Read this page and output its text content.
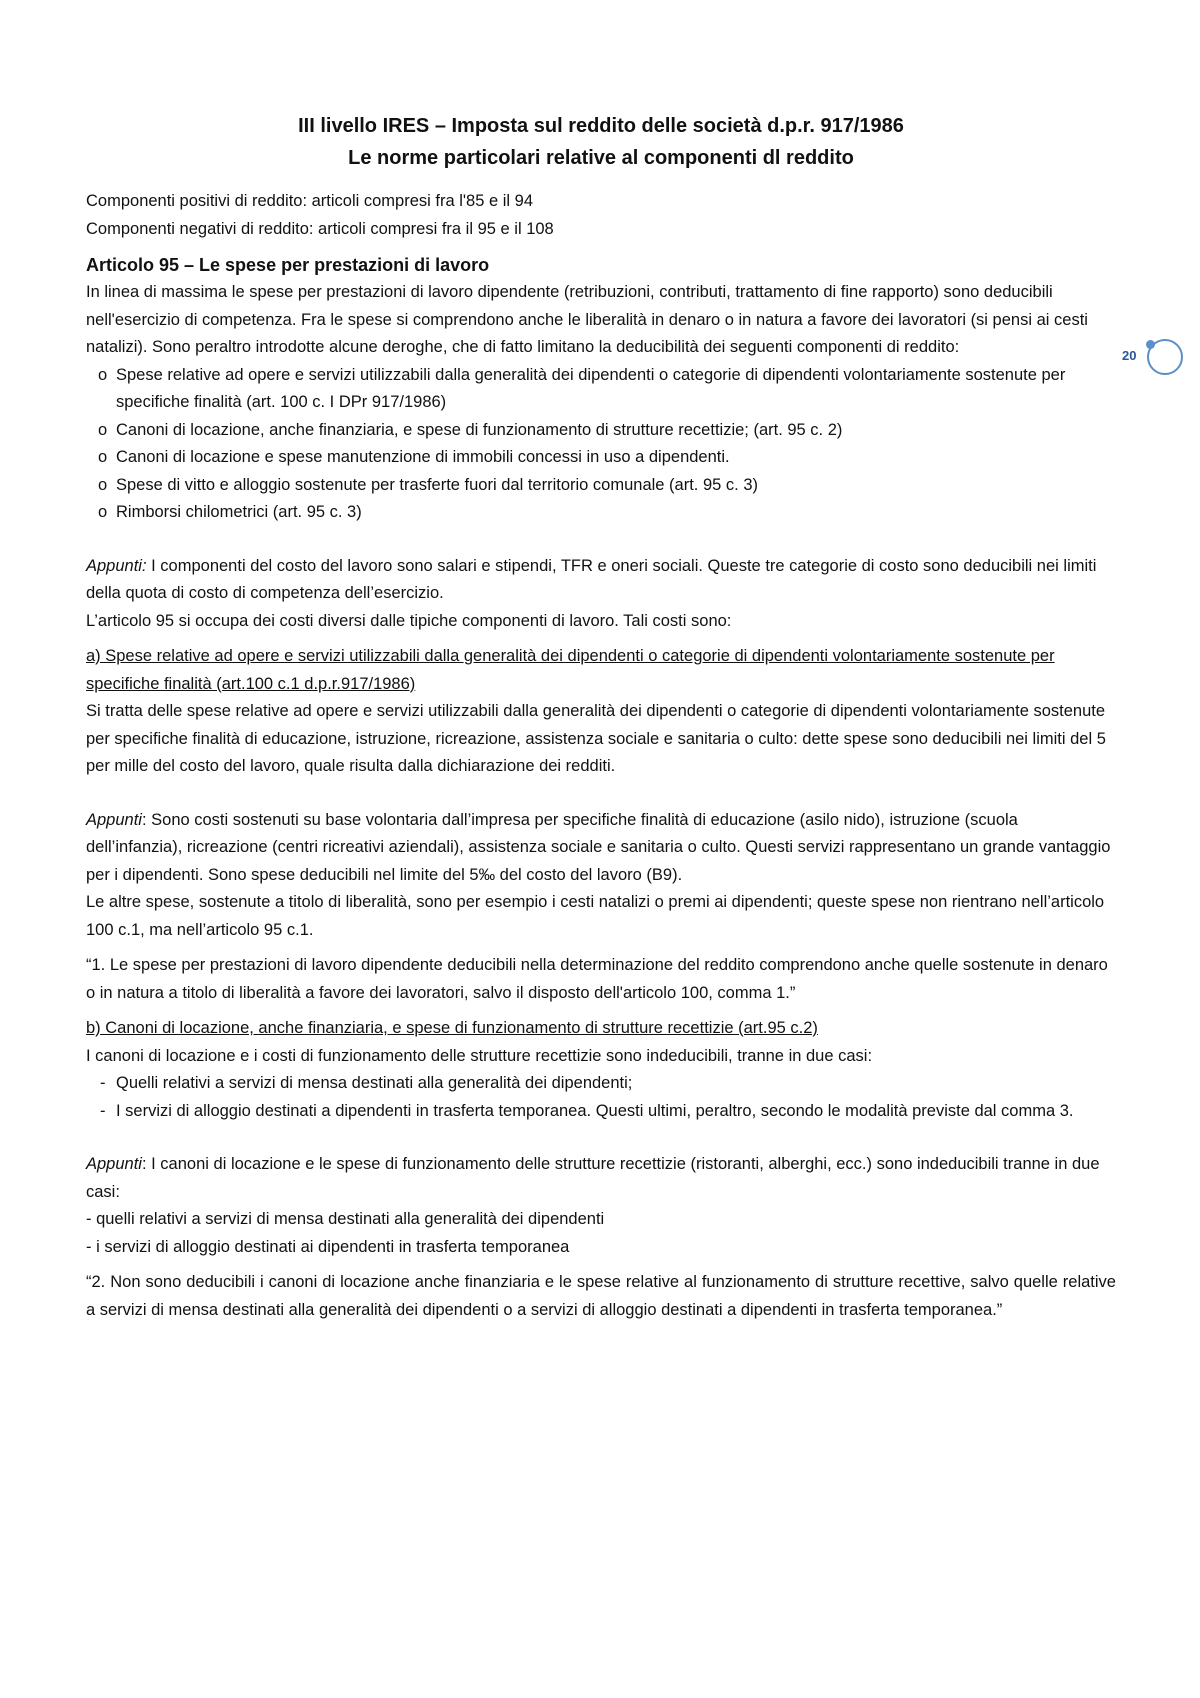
20

III livello IRES – Imposta sul reddito delle società d.p.r. 917/1986

Le norme particolari relative al componenti dl reddito

Componenti positivi di reddito: articoli compresi fra l'85 e il 94

Componenti negativi di reddito: articoli compresi fra il 95 e il 108

Articolo 95 – Le spese per prestazioni di lavoro

In linea di massima le spese per prestazioni di lavoro dipendente (retribuzioni, contributi, trattamento di fine rapporto) sono deducibili nell'esercizio di competenza. Fra le spese si comprendono anche le liberalità in denaro o in natura a favore dei lavoratori (si pensi ai cesti natalizi). Sono peraltro introdotte alcune deroghe, che di fatto limitano la deducibilità dei seguenti componenti di reddito:

o Spese relative ad opere e servizi utilizzabili dalla generalità dei dipendenti o categorie di dipendenti volontariamente sostenute per specifiche finalità (art. 100 c. I DPr 917/1986)
o Canoni di locazione, anche finanziaria, e spese di funzionamento di strutture recettizie; (art. 95 c. 2)
o Canoni di locazione e spese manutenzione di immobili concessi in uso a dipendenti.
o Spese di vitto e alloggio sostenute per trasferte fuori dal territorio comunale (art. 95 c. 3)
o Rimborsi chilometrici (art. 95 c. 3)

Appunti: I componenti del costo del lavoro sono salari e stipendi, TFR e oneri sociali. Queste tre categorie di costo sono deducibili nei limiti della quota di costo di competenza dell’esercizio.

L’articolo 95 si occupa dei costi diversi dalle tipiche componenti di lavoro. Tali costi sono:

a) Spese relative ad opere e servizi utilizzabili dalla generalità dei dipendenti o categorie di dipendenti volontariamente sostenute per specifiche finalità (art.100 c.1 d.p.r.917/1986)

Si tratta delle spese relative ad opere e servizi utilizzabili dalla generalità dei dipendenti o categorie di dipendenti volontariamente sostenute per specifiche finalità di educazione, istruzione, ricreazione, assistenza sociale e sanitaria o culto: dette spese sono deducibili nei limiti del 5 per mille del costo del lavoro, quale risulta dalla dichiarazione dei redditi.

Appunti: Sono costi sostenuti su base volontaria dall’impresa per specifiche finalità di educazione (asilo nido), istruzione (scuola dell’infanzia), ricreazione (centri ricreativi aziendali), assistenza sociale e sanitaria o culto. Questi servizi rappresentano un grande vantaggio per i dipendenti. Sono spese deducibili nel limite del 5‰ del costo del lavoro (B9).

Le altre spese, sostenute a titolo di liberalità, sono per esempio i cesti natalizi o premi ai dipendenti; queste spese non rientrano nell’articolo 100 c.1, ma nell’articolo 95 c.1.

“1. Le spese per prestazioni di lavoro dipendente deducibili nella determinazione del reddito comprendono anche quelle sostenute in denaro o in natura a titolo di liberalità a favore dei lavoratori, salvo il disposto dell'articolo 100, comma 1.”

b) Canoni di locazione, anche finanziaria, e spese di funzionamento di strutture recettizie (art.95 c.2)

I canoni di locazione e i costi di funzionamento delle strutture recettizie sono indeducibili, tranne in due casi:

- Quelli relativi a servizi di mensa destinati alla generalità dei dipendenti;
- I servizi di alloggio destinati a dipendenti in trasferta temporanea. Questi ultimi, peraltro, secondo le modalità previste dal comma 3.

Appunti: I canoni di locazione e le spese di funzionamento delle strutture recettizie (ristoranti, alberghi, ecc.) sono indeducibili tranne in due casi:

- quelli relativi a servizi di mensa destinati alla generalità dei dipendenti

- i servizi di alloggio destinati ai dipendenti in trasferta temporanea

“2. Non sono deducibili i canoni di locazione anche finanziaria e le spese relative al funzionamento di strutture recettive, salvo quelle relative a servizi di mensa destinati alla generalità dei dipendenti o a servizi di alloggio destinati a dipendenti in trasferta temporanea.”
